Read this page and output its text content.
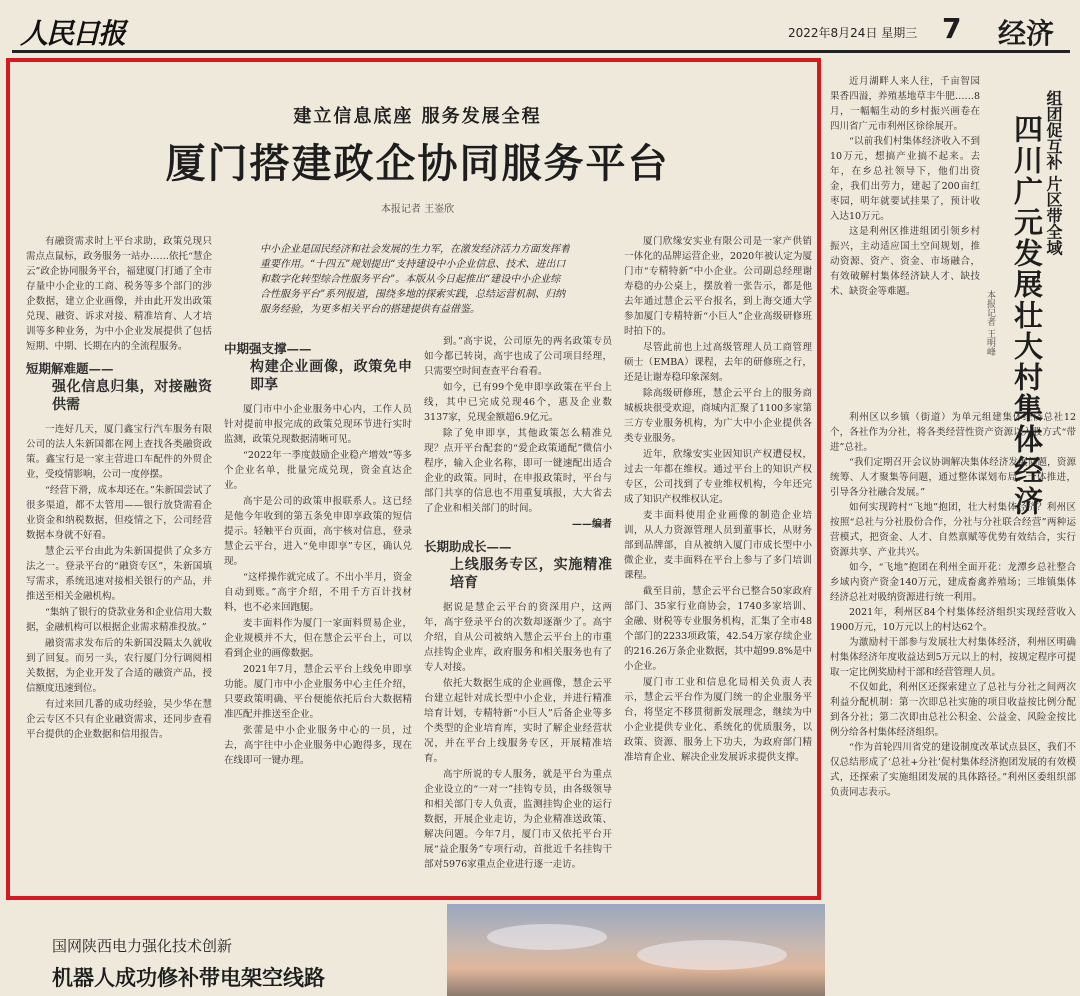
人民日报	2022年8月24日 星期三 7 经济
建立信息底座 服务发展全程
厦门搭建政企协同服务平台
本报记者 王崟欣
中小企业是国民经济和社会发展的生力军，在激发经济活力方面发挥着重要作用。“十四五”规划提出“支持建设中小企业信息、技术、进出口和数字化转型综合性服务平台”。本版从今日起推出“建设中小企业综合性服务平台”系列报道，围绕多地的探索实践，总结运营机制、归纳服务经验，为更多相关平台的搭建提供有益借鉴。

有融资需求时上平台求助，政策兑现只需点点鼠标，政务服务一站办……依托“慧企云”政企协同服务平台，福建厦门打通了全市存量中小企业的工商、税务等多个部门的涉企数据，建立企业画像，并由此开发出政策兑现、融资、诉求对接、精准培育、人才培训等多种业务，为中小企业发展提供了包括短期、中期、长期在内的全流程服务。

短期解难题——
强化信息归集，对接融资供需

一连好几天，厦门鑫宝行汽车服务有限公司的法人朱新国都在网上查找各类融资政策。鑫宝行是一家主营进口车配件的外贸企业，受疫情影响，公司一度停摆。

“经营下滑，成本却还在。”朱新国尝试了很多渠道，都不太管用——银行放贷需看企业资金和纳税数据，但疫情之下，公司经营数据本身就不好看。

慧企云平台由此为朱新国提供了众多方法之一。登录平台的“融资专区”，朱新国填写需求，系统迅速对接相关银行的产品，并推送至相关金融机构。

“集纳了银行的贷款业务和企业信用大数据，金融机构可以根据企业需求精准投放。”

融资需求发布后的朱新国没隔太久就收到了回复。而另一头，农行厦门分行调阅相关数据，为企业开发了合适的融资产品，授信额度迅速到位。

有过来回几番的成功经验，吴少华在慧企云专区不只有企业融资需求，还同步查看平台提供的企业数据和信用报告。

中期强支撑——
构建企业画像，政策免申即享

厦门市中小企业服务中心内，工作人员针对提前申报完成的政策兑现环节进行实时监测，政策兑现数据清晰可见。

“2022年一季度鼓励企业稳产增效”等多个企业名单，批量完成兑现，资金直达企业。

高宇是公司的政策申报联系人。这已经是他今年收到的第五条免申即享政策的短信提示。轻触平台页面，高宇核对信息，登录慧企云平台，进入“免申即享”专区，确认兑现。

“这样操作就完成了。不出小半月，资金自动到账。”高宇介绍，不用千方百计找材料，也不必来回跑腿。

麦丰面料作为厦门一家面料贸易企业，企业规模并不大，但在慧企云平台上，可以看到企业的画像数据。

2021年7月，慧企云平台上线免申即享功能。厦门市中小企业服务中心主任介绍，只要政策明确、平台便能依托后台大数据精准匹配并推送至企业。

张蕾是中小企业服务中心的一员，过去，高宇往中小企业服务中心跑得多，现在在线即可一键办理。

到。”高宇说，公司原先的两名政策专员如今都已转岗，高宇也成了公司项目经理，只需要空时间查查平台看看。

如今，已有99个免申即享政策在平台上线，其中已完成兑现46个，惠及企业数3137家，兑现金额超6.9亿元。

除了免申即享，其他政策怎么精准兑现？点开平台配套的“爱企政策通配”微信小程序，输入企业名称，即可一键速配出适合企业的政策。同时，在申报政策时，平台与部门共享的信息也不用重复填报，大大省去了企业和相关部门的时间。

——编者
长期助成长——
上线服务专区，实施精准培育

据说是慧企云平台的资深用户，这两年，高宇登录平台的次数却逐渐少了。高宇介绍，自从公司被纳入慧企云平台上的市重点挂钩企业库，政府服务和相关服务也有了专人对接。

依托大数据生成的企业画像，慧企云平台建立起针对成长型中小企业，并进行精准培育计划，专精特新“小巨人”后备企业等多个类型的企业培育库，实时了解企业经营状况，并在平台上线服务专区，开展精准培育。

高宇所说的专人服务，就是平台为重点企业设立的“一对一”挂钩专员，由各级领导和相关部门专人负责，监测挂钩企业的运行数据，开展企业走访，为企业精准送政策、解决问题。今年7月，厦门市又依托平台开展“益企服务”专项行动，首批近千名挂钩干部对5976家重点企业进行逐一走访。

厦门欣缘安实业有限公司是一家产供销一体化的品牌运营企业，2020年被认定为厦门市“专精特新”中小企业。公司副总经理谢寿稳的办公桌上，摆放着一张告示，都是他去年通过慧企云平台报名，到上海交通大学参加厦门专精特新“小巨人”企业高级研修班时拍下的。

尽管此前也上过高级管理人员工商管理硕士（EMBA）课程，去年的研修班之行，还是让谢寿稳印象深刻。

除高级研修班，慧企云平台上的服务商城板块很受欢迎，商城内汇聚了1100多家第三方专业服务机构，为广大中小企业提供各类专业服务。

近年，欣缘安实业因知识产权遭侵权，过去一年都在维权。通过平台上的知识产权专区，公司找到了专业维权机构，今年还完成了知识产权维权认定。

麦丰面料使用企业画像的制造企业培训，从人力资源管理人员到董事长，从财务部到品牌部，自从被纳入厦门市成长型中小微企业，麦丰面料在平台上参与了多门培训课程。

截至目前，慧企云平台已整合50家政府部门、35家行业商协会，1740多家培训、金融、财税等专业服务机构，汇集了全市48个部门的2233项政策，42.54万家存续企业的216.26万条企业数据，其中超99.8%是中小企业。

厦门市工业和信息化局相关负责人表示，慧企云平台作为厦门统一的企业服务平台，将坚定不移贯彻新发展理念，继续为中小企业提供专业化、系统化的优质服务，以政策、资源、服务上下功夫，为政府部门精准培育企业、解决企业发展诉求提供支撑。

近月湖畔人来人往，千亩智园果香四溢，养殖基地草丰牛肥……8月，一幅幅生动的乡村振兴画卷在四川省广元市利州区徐徐展开。

“以前我们村集体经济收入不到10万元，想搞产业搞不起来。去年，在乡总社领导下，他们出资金，我们出劳力，建起了200亩红枣园，明年就要试挂果了，预计收入达10万元。

这是利州区推进组团引领乡村振兴，主动适应国土空间规划，推动资源、资产、资金、市场融合，有效破解村集体经济缺人才、缺技术、缺资金等难题。

组团促互补 片区带全域
四川广元发展壮大村集体经济
本报记者 王明峰

利州区以乡镇（街道）为单元组建集体经济总社12个，各社作为分社，将各类经营性资产资源以入股方式“带进”总社。

“我们定期召开会议协调解决集体经济发展问题，资源统筹、人才聚集等问题，通过整体谋划布局、一体推进，引导各分社融合发展。”

如何实现跨村“飞地”抱团，壮大村集体经济？利州区按照“总社与分社股份合作，分社与分社联合经营”两种运营模式，把资金、人才、自然禀赋等优势有效结合，实行资源共享、产业共兴。

如今，“飞地”抱团在利州全面开花：龙潭乡总社整合乡域内资产资金140万元，建成畜禽养殖场；三堆镇集体经济总社对吸纳资源进行统一利用。

2021年，利州区84个村集体经济组织实现经营收入1900万元，10万元以上的村达62个。

为激励村干部参与发展壮大村集体经济，利州区明确村集体经济年度收益达到5万元以上的村，按规定程序可提取一定比例奖励村干部和经营管理人员。

不仅如此，利州区还探索建立了总社与分社之间两次利益分配机制：第一次即总社实施的项目收益按比例分配到各分社；第二次即由总社公积金、公益金、风险金按比例分给各村集体经济组织。

“作为首轮四川省党的建设制度改革试点县区，我们不仅总结形成了‘总社+分社’促村集体经济抱团发展的有效模式，还探索了实施组团发展的具体路径。”利州区委组织部负责同志表示。

国网陕西电力强化技术创新
机器人成功修补带电架空线路
